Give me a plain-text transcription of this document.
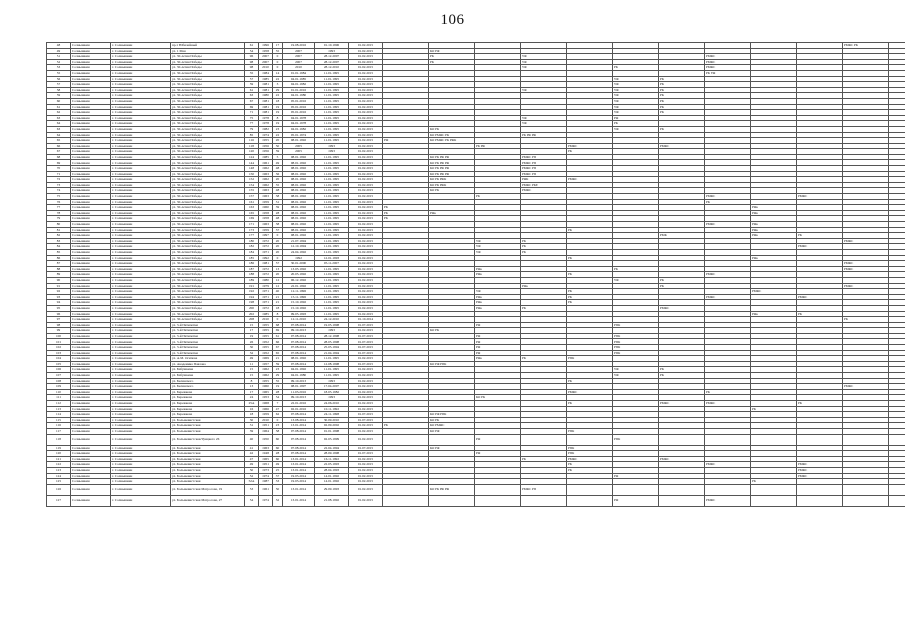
106
48	Солнышкин	г. Солнышкин	пр-т Юбилейный	61	1996	17	19.08.2016	01.10.1996	01.02.2015											РМФС РК	
49	Солнышкин	г. Солнышкин	ул. 1 Мая	54	1958	55	2007	1993	01.02.2015		КО РФ										
51	Солнышкин	г. Солнышкин	ул. 30-летия Победы	96	2007	0	2007	28.12.2007	01.02.2015		РК		УФ				РМФС				
52	Солнышкин	г. Солнышкин	ул. 30-летия Победы	98	2007	0	2007	28.12.2007	01.02.2015		РК		УФ				РМФС				
53	Солнышкин	г. Солнышкин	ул. 30-летия Победы	98	2010	0	2010	28.12.2010	01.02.2015				УФ		РК		РМФС				
55	Солнышкин	г. Солнышкин	ул. 30-летия Победы	35	1984	14	01.01.1984	11.01.1995	01.02.2015								РК УФ				
56	Солнышкин	г. Солнышкин	ул. 30-летия Победы	57	1985	22	04.01.1985	11.01.1995	01.02.2015						УФ	РК					
57	Солнышкин	г. Солнышкин	ул. 30-летия Победы	59	1981	3	04.01.1982	11.01.1995	01.02.2015						УФ	РК					
58	Солнышкин	г. Солнышкин	ул. 30-летия Победы	61	1981	29	01.01.2016	11.01.1995	01.02.2015				УФ		УФ	РК					
59	Солнышкин	г. Солнышкин	ул. 30-летия Победы	63	1980	22	04.01.1980	11.01.1995	01.02.2015						УФ	РК					
60	Солнышкин	г. Солнышкин	ул. 30-летия Победы	67	1981	18	05.01.2016	11.01.1995	01.02.2015						УФ	РК					
61	Солнышкин	г. Солнышкин	ул. 30-летия Победы	69	1981	19	05.01.2016	11.01.1995	01.02.2015						УФ	РК					
62	Солнышкин	г. Солнышкин	ул. 30-летия Победы	71	1981	19	05.01.2016	11.01.1995	01.02.2015						УФ	РК					
63	Солнышкин	г. Солнышкин	ул. 30-летия Победы	75	1978	8	04.01.1978	11.01.1995	01.02.2015				УФ		РФ						
64	Солнышкин	г. Солнышкин	ул. 30-летия Победы	77	1978	19	04.01.1978	11.01.1995	01.02.2015				УФ		РК						
63	Солнышкин	г. Солнышкин	ул. 30-летия Победы	79	1982	23	04.01.1982	11.01.1995	01.02.2015		КО РК				УФ	РК					
64	Солнышкин	г. Солнышкин	ул. 30-летия Победы	85	1974	22	05.01.1974	11.01.1995	01.02.2015		КО РМФС РК		РК РФ РФ								
65	Солнышкин	г. Солнышкин	ул. 30-летия Победы	116	1955	20	08.01.1992	11.01.1995	01.02.2015	РФ	КО РМФС РК РФК										
66	Солнышкин	г. Солнышкин	ул. 30-летия Победы	118	1956	50	2005	1993	01.02.2015			РК РФ		РМФС		РМФС					
67	Солнышкин	г. Солнышкин	ул. 30-летия Победы	120	1956	59	2005	1993	01.02.2015					РК							
68	Солнышкин	г. Солнышкин	ул. 30-летия Победы	124	1985	5	08.01.1992	11.01.1995	01.02.2015		КО РК РФ РФ		РМФС РП								
69	Солнышкин	г. Солнышкин	ул. 30-летия Победы	144	1961	49	08.01.1992	11.01.1995	01.02.2015		КО РК РФ РФ		РМФС РП								
70	Солнышкин	г. Солнышкин	ул. 30-летия Победы	148	1962	48	08.01.1992	11.01.1995	01.02.2015		КО РК РФ РФ		РМФС РП								
71	Солнышкин	г. Солнышкин	ул. 30-летия Победы	150	1963	36	08.01.1992	11.01.1995	01.02.2015		КО РК РФ РФ		РМФС РП								
72	Солнышкин	г. Солнышкин	ул. 30-летия Победы	152	1962	20	08.01.1992	11.01.1995	01.02.2015		КО РК РФК		РФК	РМФС							
73	Солнышкин	г. Солнышкин	ул. 30-летия Победы	154	1962	35	08.01.1992	11.01.1995	01.02.2015		КО РК РФК		РМФС РКЕ								
74	Солнышкин	г. Солнышкин	ул. 30-летия Победы	155	1963	48	08.01.1992	11.01.1995	01.02.2015		КО РК		РМФС								
75	Солнышкин	г. Солнышкин	ул. 30-летия Победы	157	1963	38	08.01.1992	11.01.1995	01.02.2015			РК					РМФС		РМФС		
76	Солнышкин	г. Солнышкин	ул. 30-летия Победы	161	1959	31	08.01.1992	11.01.1995	01.02.2015								РК				
77	Солнышкин	г. Солнышкин	ул. 30-летия Победы	163	1960	39	08.01.1992	11.01.1995	01.02.2015	РК								РФк			
78	Солнышкин	г. Солнышкин	ул. 30-летия Победы	165	1958	28	08.01.1992	11.01.1995	01.02.2015	РК	РФк							РФк			
79	Солнышкин	г. Солнышкин	ул. 30-летия Победы	169	1958	48	08.01.1992	11.01.1995	01.02.2015	РК											
80	Солнышкин	г. Солнышкин	ул. 30-летия Победы	171	1963	38	08.01.1992	11.01.1995	01.02.2015								РМФС	РФк			
81	Солнышкин	г. Солнышкин	ул. 30-летия Победы	173	1959	37	08.01.1992	11.01.1995	01.02.2015					РК				РФк			
82	Солнышкин	г. Солнышкин	ул. 30-летия Победы	177	1997	0	08.01.1992	11.01.1995	01.02.2015							РМК		РФк	РК		
83	Солнышкин	г. Солнышкин	ул. 30-летия Победы	180	1972	20	21.07.1994	11.01.1995	01.02.2015			УФ	РК							РМФС	
84	Солнышкин	г. Солнышкин	ул. 30-летия Победы	182	1972	20	12.10.1994	11.01.1995	01.02.2015			УФ	РК						РМФС		
85	Солнышкин	г. Солнышкин	ул. 30-летия Победы	184	1971	20	24.04.1992	11.01.1995	01.02.2015			УФ	РК								
86	Солнышкин	г. Солнышкин	ул. 30-летия Победы	185	1992	0	1992	12.01.1993	01.02.2015					РК				РФк			
87	Солнышкин	г. Солнышкин	ул. 30-летия Победы	186	1981	57	30.01.2000	05.11.2007	01.02.2015											РМФС	
88	Солнышкин	г. Солнышкин	ул. 30-летия Победы	187	1972	13	13.03.1992	11.01.1995	01.02.2015			РФк			РК					РМФС	
89	Солнышкин	г. Солнышкин	ул. 30-летия Победы	188	1972	20	20.05.1992	11.01.1995	01.02.2015			РФк		РК			РМФС				
90	Солнышкин	г. Солнышкин	ул. 30-летия Победы	189	1980	12	06.12.1992	11.01.1995	01.02.2015						УФ	РК					
91	Солнышкин	г. Солнышкин	ул. 30-летия Победы	191	1979	12	22.01.1992	11.01.1995	01.02.2015				РФк			РК				РМФС	
92	Солнышкин	г. Солнышкин	ул. 30-летия Победы	192	1971	40	12.11.1996	11.01.1995	01.02.2015			УФ		РК				РМФС			
93	Солнышкин	г. Солнышкин	ул. 30-летия Победы	194	1971	21	15.11.1996	11.01.1995	01.02.2015			РФк		РК			РМФС		РМФС		
94	Солнышкин	г. Солнышкин	ул. 30-летия Победы	198	1971	21	15.10.1992	11.01.1995	01.02.2015			РФк		РК							
95	Солнышкин	г. Солнышкин	ул. 30-летия Победы	200	1972	18	15.10.1992	11.01.1995	01.02.2015			РФк	РК			РМФС					
96	Солнышкин	г. Солнышкин	ул. 30-летия Победы	202	1985	8	09.05.1993	11.01.1995	01.02.2015									РФк	РК		
97	Солнышкин	г. Солнышкин	ул. 30-летия Победы	208	2010	0	12.11.2010	24.12.2010	01.10.2014											РК	
98	Солнышкин	г. Солнышкин	ул. 3-й Пятилетки	15	1955	68	07.08.2014	19.05.1998	01.07.2015			РФ			РПК						
99	Солнышкин	г. Солнышкин	ул. 3-й Пятилетки	17	1955	69	09.10.2013	1993	01.02.2015		КО РК										
100	Солнышкин	г. Солнышкин	ул. 3-й Пятилетки	19	1955	61	07.08.2014	28.12.1998	01.07.2015			РФ			РПК						
101	Солнышкин	г. Солнышкин	ул. 3-й Пятилетки	26	1952	66	07.08.2014	28.05.1998	01.07.2015			РФ			РПК						
102	Солнышкин	г. Солнышкин	ул. 3-й Пятилетки	30	1955	67	07.08.2014	25.05.1994	01.07.2015			РФ			РПК						
103	Солнышкин	г. Солнышкин	ул. 3-й Пятилетки	32	1952	65	07.08.2014	21.04.1994	01.07.2015			РФ			РПК						
104	Солнышкин	г. Солнышкин	ул. А.М. Осипова	49	1969	21	08.01.1992	11.01.1995	01.02.2015			РФк	РК	РПК							
105	Солнышкин	г. Солнышкин	ул. Академика Павлова	11	1957	59	07.08.2014	12.08.1998	01.07.2015		КО РФ РПК										
106	Солнышкин	г. Солнышкин	ул. Бабушкина	15	1962	23	04.01.1992	11.01.1995	01.02.2015						УФ	РК					
107	Солнышкин	г. Солнышкин	ул. Бабушкина	15	1962	29	04.01.1980	11.01.1995	01.02.2015						УФ	РК					
108	Солнышкин	г. Солнышкин	ул. Белинского	8	1955	55	09.10.2013	1993	01.02.2015					РК							
109	Солнышкин	г. Солнышкин	ул. Белинского	13	1960	19	08.01.1997	17.04.2007	01.02.2015											РМФС	
110	Солнышкин	г. Солнышкин	ул. Бережкова	17	1965	28	11.03.2016	18.03.1982	01.02.2015					РМФС			РК				
111	Солнышкин	г. Солнышкин	ул. Бережкова	24	1953	54	09.10.2013	1993	01.02.2015			КО РК									
112	Солнышкин	г. Солнышкин	ул. Бережкова	25А	1968	7	22.01.2016	24.06.2010	01.02.2015					РК		РМФС	РМФС		РК		
113	Солнышкин	г. Солнышкин	ул. Бережкова	16	1966	47	02.01.2016	10.11.1992	01.02.2015									РК			
114	Солнышкин	г. Солнышкин	ул. Бережкова	18	1959	62	07.08.2014	24.11.1998	01.07.2015		КО РФ РПК										
115	Солнышкин	г. Солнышкин	ул. Большевистская	30	2010	0	13.08.2014	30.09.2010	01.07.2015		КО РК										
116	Солнышкин	г. Солнышкин	ул. Большевистская	31	1951	23	13.01.2014	02.09.2002	01.02.2015	РК	КО РМФС										
117	Солнышкин	г. Солнышкин	ул. Большевистская	39	1964	58	07.08.2014	01.01.1998	01.02.2015		КО РФ			РПК							
118	Солнышкин	г. Солнышкин	ул. Большевистская/Урицкого 26	40	1950	60	07.08.2014	02.03.1999	01.02.2015			РФ			РПК						
119	Солнышкин	г. Солнышкин	ул. Большевистская	41	1963	60	07.08.2014	22.04.1994	01.07.2015		КО РФ			РПК							
120	Солнышкин	г. Солнышкин	ул. Большевистская	42	1948	28	07.08.2014	28.09.1998	01.07.2015			РФ		РПК							
121	Солнышкин	г. Солнышкин	ул. Большевистская	47	1965	60	13.01.2014	16.11.1992	01.02.2015				РК	РМФС		РМФС					
122	Солнышкин	г. Солнышкин	ул. Большевистская	49	1951	49	13.01.2014	22.05.1993	01.02.2015					РК			РМФС		РМФС		
123	Солнышкин	г. Солнышкин	ул. Большевистская	50	1973	25	13.01.2014	28.04.1993	01.02.2015					РК					РМФС		
124	Солнышкин	г. Солнышкин	ул. Большевистская	52	1974	37	19.03.2014	14.01.1992	01.02.2015						РФ				РМФС		
125	Солнышкин	г. Солнышкин	ул. Большевистская	52А	1987	33	19.03.2014	14.01.1992	01.02.2015									РК			
126	Солнышкин	г. Солнышкин	ул. Большевистская Матросова, 19	53	1961	50	13.01.2014	29.09.1993	01.02.2015		КО РК РФ РФ		РМФС РП								
127	Солнышкин	г. Солнышкин	ул. Большевистская Матросова, 27	54	1974	32	13.01.2014	21.08.1992	01.02.2015						РФ		РМФС				
